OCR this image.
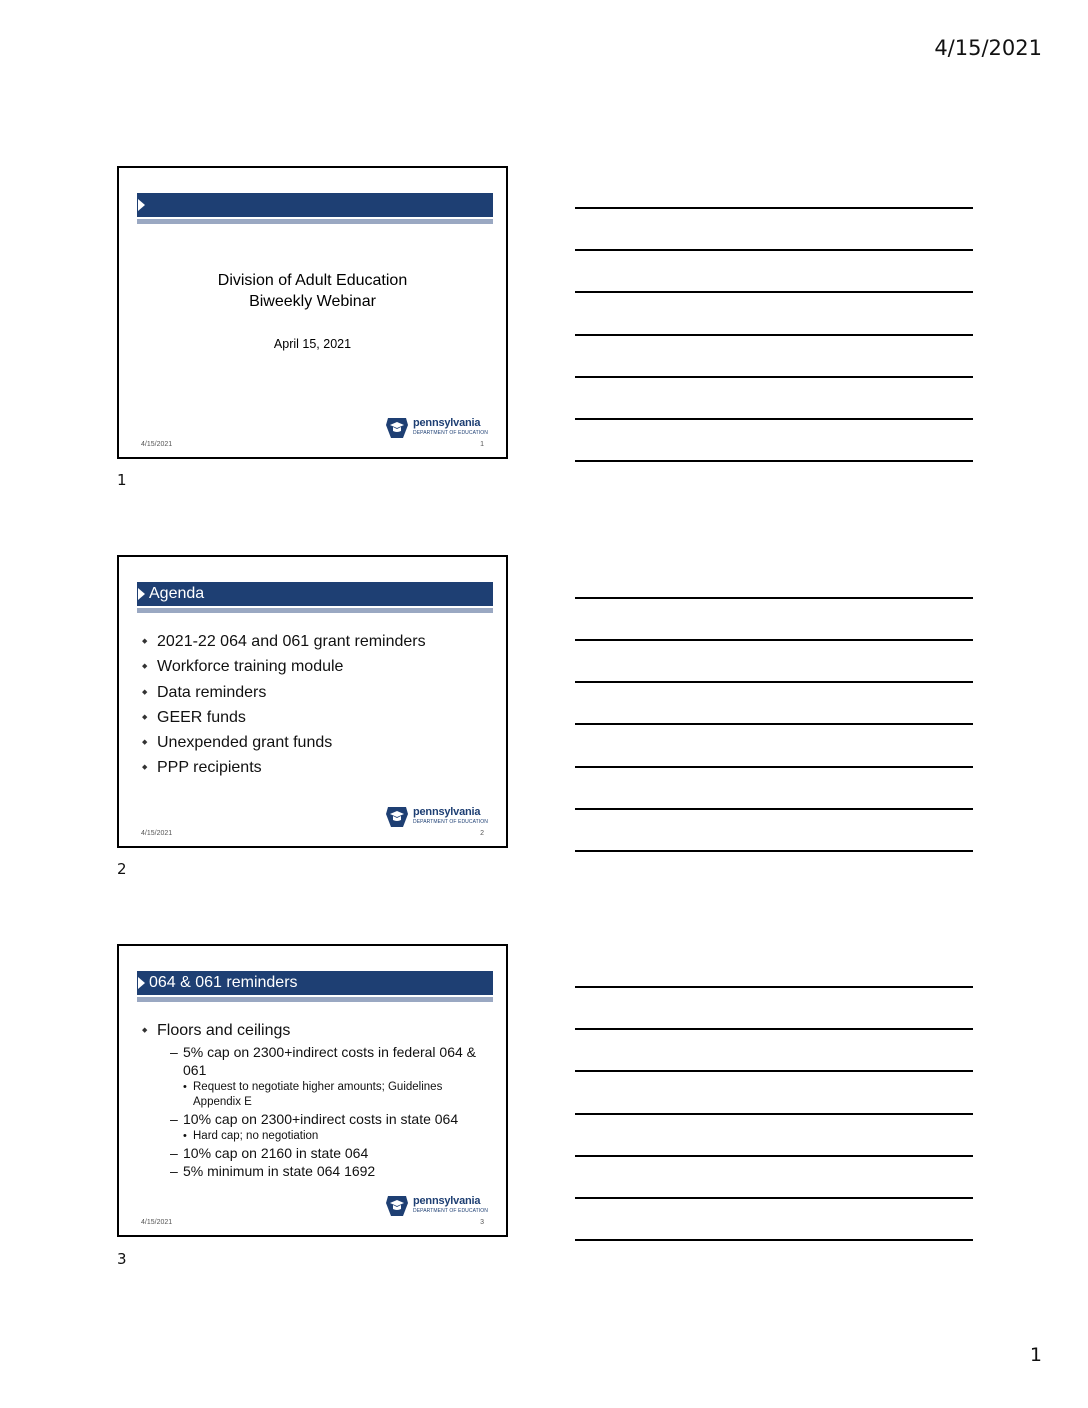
4/15/2021
Division of Adult Education
Biweekly Webinar
April 15, 2021
pennsylvania
DEPARTMENT OF EDUCATION
4/15/2021	1
1
Agenda
◆ 2021-22 064 and 061 grant reminders
◆ Workforce training module
◆ Data reminders
◆ GEER funds
◆ Unexpended grant funds
◆ PPP recipients
pennsylvania
DEPARTMENT OF EDUCATION
4/15/2021	2
2
064 & 061 reminders
◆ Floors and ceilings
– 5% cap on 2300+indirect costs in federal 064 & 061
• Request to negotiate higher amounts; Guidelines Appendix E
– 10% cap on 2300+indirect costs in state 064
• Hard cap; no negotiation
– 10% cap on 2160 in state 064
– 5% minimum in state 064 1692
pennsylvania
DEPARTMENT OF EDUCATION
4/15/2021	3
3
1
